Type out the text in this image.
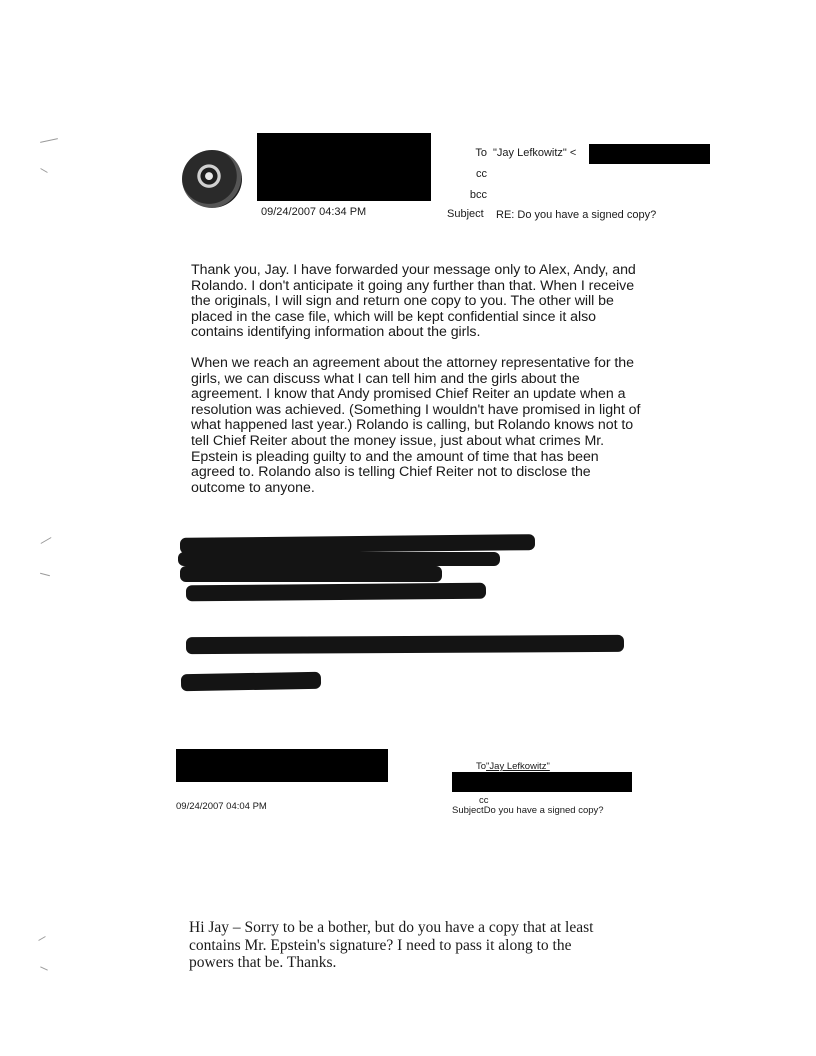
09/24/2007 04:34 PM
To "Jay Lefkowitz" <
cc
bcc
Subject RE: Do you have a signed copy?

Thank you, Jay. I have forwarded your message only to Alex, Andy, and Rolando. I don't anticipate it going any further than that. When I receive the originals, I will sign and return one copy to you. The other will be placed in the case file, which will be kept confidential since it also contains identifying information about the girls.

When we reach an agreement about the attorney representative for the girls, we can discuss what I can tell him and the girls about the agreement. I know that Andy promised Chief Reiter an update when a resolution was achieved. (Something I wouldn't have promised in light of what happened last year.) Rolando is calling, but Rolando knows not to tell Chief Reiter about the money issue, just about what crimes Mr. Epstein is pleading guilty to and the amount of time that has been agreed to. Rolando also is telling Chief Reiter not to disclose the outcome to anyone.

09/24/2007 04:04 PM
To"Jay Lefkowitz"
cc
SubjectDo you have a signed copy?
Hi Jay – Sorry to be a bother, but do you have a copy that at least contains Mr. Epstein's signature? I need to pass it along to the powers that be. Thanks.
